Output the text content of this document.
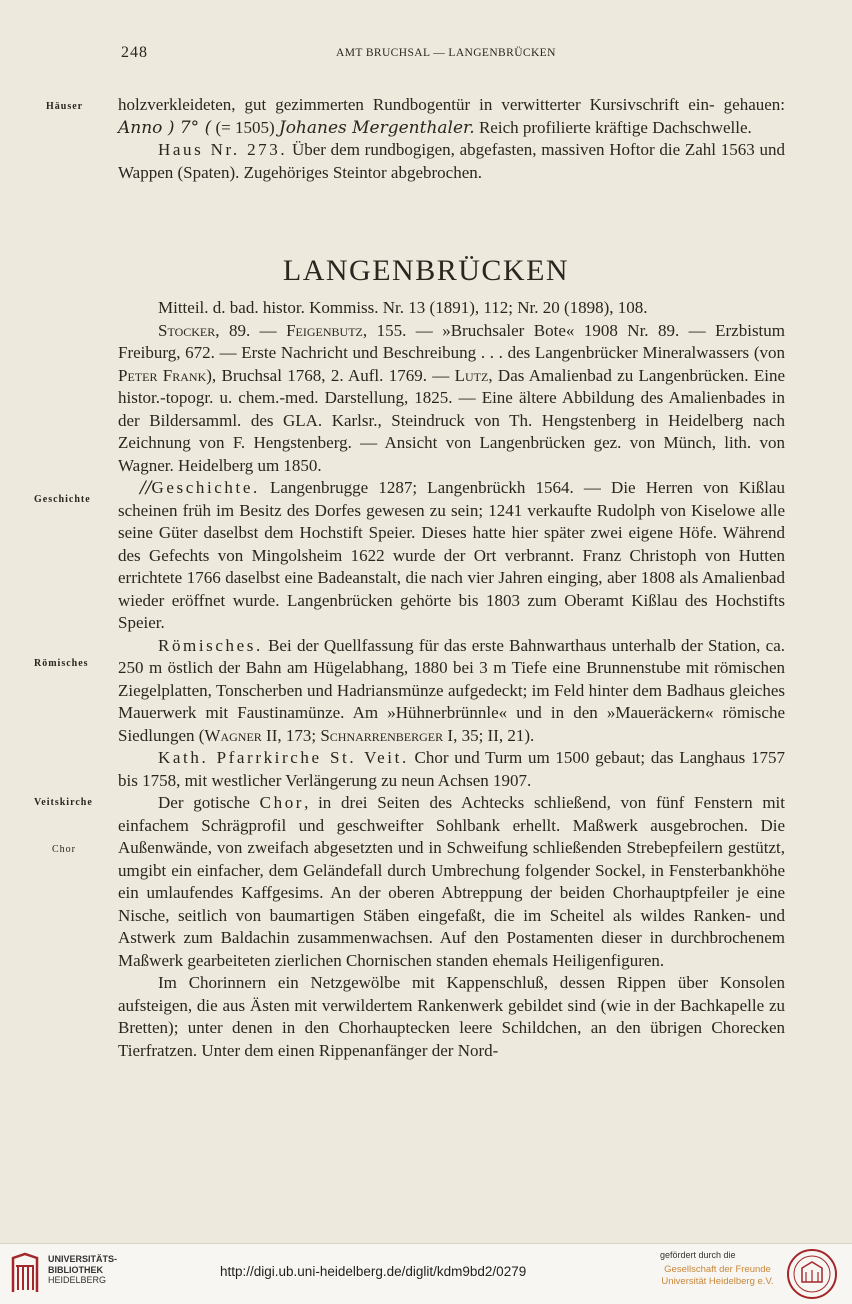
248	AMT BRUCHSAL — LANGENBRÜCKEN
Häuser
Geschichte
Römisches
Veitskirche
Chor

holzverkleideten, gut gezimmerten Rundbogentür in verwitterter Kursivschrift ein- gehauen: Anno ) 7° ( (= 1505) Johanes Mergenthaler. Reich profilierte kräftige Dachschwelle.

Haus Nr. 273. Über dem rundbogigen, abgefasten, massiven Hoftor die Zahl 1563 und Wappen (Spaten). Zugehöriges Steintor abgebrochen.

LANGENBRÜCKEN

Mitteil. d. bad. histor. Kommiss. Nr. 13 (1891), 112; Nr. 20 (1898), 108.

Stocker, 89. — Feigenbutz, 155. — »Bruchsaler Bote« 1908 Nr. 89. — Erzbistum Freiburg, 672. — Erste Nachricht und Beschreibung . . . des Langenbrücker Mineralwassers (von Peter Frank), Bruchsal 1768, 2. Aufl. 1769. — Lutz, Das Amalienbad zu Langenbrücken. Eine histor.-topogr. u. chem.-med. Darstellung, 1825. — Eine ältere Abbildung des Amalienbades in der Bildersamml. des GLA. Karlsr., Steindruck von Th. Hengstenberg in Heidelberg nach Zeichnung von F. Hengstenberg. — Ansicht von Langenbrücken gez. von Münch, lith. von Wagner. Heidelberg um 1850.

//Geschichte. Langenbrugge 1287; Langenbrückh 1564. — Die Herren von Kißlau scheinen früh im Besitz des Dorfes gewesen zu sein; 1241 verkaufte Rudolph von Kiselowe alle seine Güter daselbst dem Hochstift Speier. Dieses hatte hier später zwei eigene Höfe. Während des Gefechts von Mingolsheim 1622 wurde der Ort verbrannt. Franz Christoph von Hutten errichtete 1766 daselbst eine Badeanstalt, die nach vier Jahren einging, aber 1808 als Amalienbad wieder eröffnet wurde. Langenbrücken gehörte bis 1803 zum Oberamt Kißlau des Hochstifts Speier.

Römisches. Bei der Quellfassung für das erste Bahnwarthaus unterhalb der Station, ca. 250 m östlich der Bahn am Hügelabhang, 1880 bei 3 m Tiefe eine Brunnenstube mit römischen Ziegelplatten, Tonscherben und Hadriansmünze aufgedeckt; im Feld hinter dem Badhaus gleiches Mauerwerk mit Faustinamünze. Am »Hühnerbrünnle« und in den »Maueräckern« römische Siedlungen (Wagner II, 173; Schnarrenberger I, 35; II, 21).

Kath. Pfarrkirche St. Veit. Chor und Turm um 1500 gebaut; das Langhaus 1757 bis 1758, mit westlicher Verlängerung zu neun Achsen 1907.

Der gotische Chor, in drei Seiten des Achtecks schließend, von fünf Fenstern mit einfachem Schrägprofil und geschweifter Sohlbank erhellt. Maßwerk ausgebrochen. Die Außenwände, von zweifach abgesetzten und in Schweifung schließenden Strebepfeilern gestützt, umgibt ein einfacher, dem Geländefall durch Umbrechung folgender Sockel, in Fensterbankhöhe ein umlaufendes Kaffgesims. An der oberen Abtreppung der beiden Chorhauptpfeiler je eine Nische, seitlich von baumartigen Stäben eingefaßt, die im Scheitel als wildes Ranken- und Astwerk zum Baldachin zusammenwachsen. Auf den Postamenten dieser in durchbrochenem Maßwerk gearbeiteten zierlichen Chornischen standen ehemals Heiligenfiguren.

Im Chorinnern ein Netzgewölbe mit Kappenschluß, dessen Rippen über Konsolen aufsteigen, die aus Ästen mit verwildertem Rankenwerk gebildet sind (wie in der Bachkapelle zu Bretten); unter denen in den Chorhauptecken leere Schildchen, an den übrigen Chorecken Tierfratzen. Unter dem einen Rippenanfänger der Nord-

UNIVERSITÄTS-
BIBLIOTHEK
HEIDELBERG
http://digi.ub.uni-heidelberg.de/diglit/kdm9bd2/0279
gefördert durch die
Gesellschaft der Freunde
Universität Heidelberg e.V.
